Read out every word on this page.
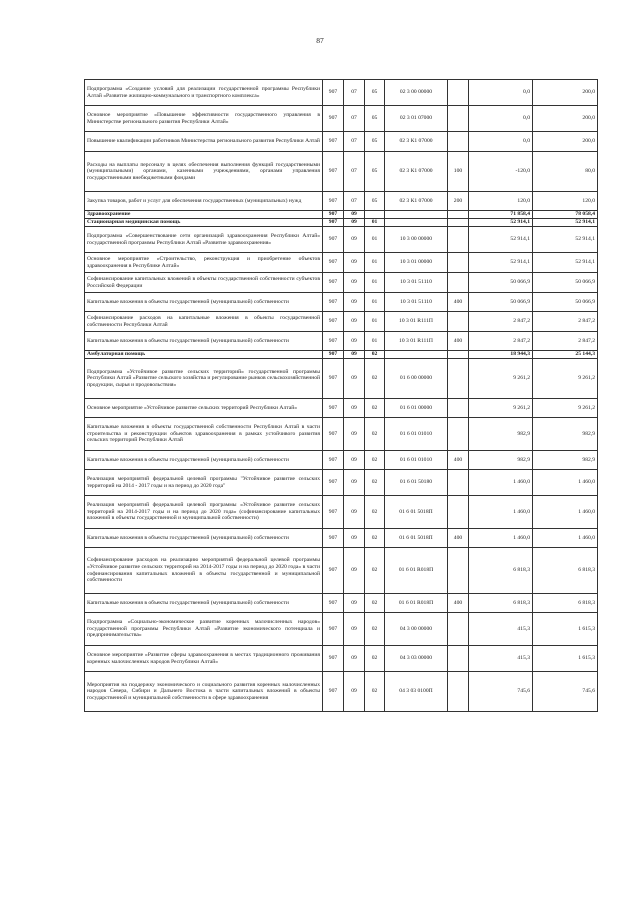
87
Подпрограмма «Создание условий для реализации государственной программы Республики Алтай «Развитие жилищно-коммунального и транспортного комплекса»	907	07	05	02 3 00 00000		0,0	200,0
Основное мероприятие «Повышение эффективности государственного управления в Министерстве регионального развития Республики Алтай»	907	07	05	02 3 01 07000		0,0	200,0
Повышение квалификации работников Министерства регионального развития Республики Алтай	907	07	05	02 3 К1 07000		0,0	200,0
Расходы на выплаты персоналу в целях обеспечения выполнения функций государственными (муниципальными) органами, казенными учреждениями, органами управления государственными внебюджетными фондами	907	07	05	02 3 К1 07000	100	-120,0	80,0
Закупка товаров, работ и услуг для обеспечения государственных (муниципальных) нужд	907	07	05	02 3 К1 07000	200	120,0	120,0
Здравоохранение	907	09				71 858,4	78 058,4
Стационарная медицинская помощь	907	09	01			52 914,1	52 914,1
Подпрограмма «Совершенствование сети организаций здравоохранения Республики Алтай» государственной программы Республики Алтай «Развитие здравоохранения»	907	09	01	10 3 00 00000		52 914,1	52 914,1
Основное мероприятие «Строительство, реконструкция и приобретение объектов здравоохранения в Республике Алтай»	907	09	01	10 3 01 00000		52 914,1	52 914,1
Софинансирование капитальных вложений в объекты государственной собственности субъектов Российской Федерации	907	09	01	10 3 01 51110		50 066,9	50 066,9
Капитальные вложения в объекты государственной (муниципальной) собственности	907	09	01	10 3 01 51110	400	50 066,9	50 066,9
Софинансирование расходов на капитальные вложения в объекты государственной собственности Республики Алтай	907	09	01	10 3 01 R111П		2 847,2	2 847,2
Капитальные вложения в объекты государственной (муниципальной) собственности	907	09	01	10 3 01 R111П	400	2 847,2	2 847,2
Амбулаторная помощь	907	09	02			18 944,3	25 144,3
Подпрограмма «Устойчивое развитие сельских территорий» государственной программы Республики Алтай «Развитие сельского хозяйства и регулирование рынков сельскохозяйственной продукции, сырья и продовольствия»	907	09	02	01 6 00 00000		9 261,2	9 261,2
Основное мероприятие «Устойчивое развитие сельских территорий Республики Алтай»	907	09	02	01 6 01 00000		9 261,2	9 261,2
Капитальные вложения в объекты государственной собственности Республики Алтай в части строительства и реконструкции объектов здравоохранения в рамках устойчивого развития сельских территорий Республики Алтай	907	09	02	01 6 01 01010		982,9	982,9
Капитальные вложения в объекты государственной (муниципальной) собственности	907	09	02	01 6 01 01010	400	982,9	982,9
Реализация мероприятий федеральной целевой программы "Устойчивое развитие сельских территорий на 2014 - 2017 годы и на период до 2020 года"	907	09	02	01 6 01 50180		1 460,0	1 460,0
Реализация мероприятий федеральной целевой программы «Устойчивое развитие сельских территорий на 2014-2017 годы и на период до 2020 года» (софинансирование капитальных вложений в объекты государственной и муниципальной собственности)	907	09	02	01 6 01 5018П		1 460,0	1 460,0
Капитальные вложения в объекты государственной (муниципальной) собственности	907	09	02	01 6 01 5018П	400	1 460,0	1 460,0
Софинансирование расходов на реализацию мероприятий федеральной целевой программы «Устойчивое развитие сельских территорий на 2014-2017 годы и на период до 2020 года» в части софинансирования капитальных вложений в объекты государственной и муниципальной собственности	907	09	02	01 6 01 R018П		6 818,3	6 818,3
Капитальные вложения в объекты государственной (муниципальной) собственности	907	09	02	01 6 01 R018П	400	6 818,3	6 818,3
Подпрограмма «Социально-экономическое развитие коренных малочисленных народов» государственной программы Республики Алтай «Развитие экономического потенциала и предпринимательства»	907	09	02	04 3 00 00000		415,3	1 615,3
Основное мероприятие «Развитие сферы здравоохранения в местах традиционного проживания коренных малочисленных народов Республики Алтай»	907	09	02	04 3 03 00000		415,3	1 615,3
Мероприятия на поддержку экономического и социального развития коренных малочисленных народов Севера, Сибири и Дальнего Востока в части капитальных вложений в объекты государственной и муниципальной собственности в сфере здравоохранения	907	09	02	04 3 03 0100П		745,6	745,6
